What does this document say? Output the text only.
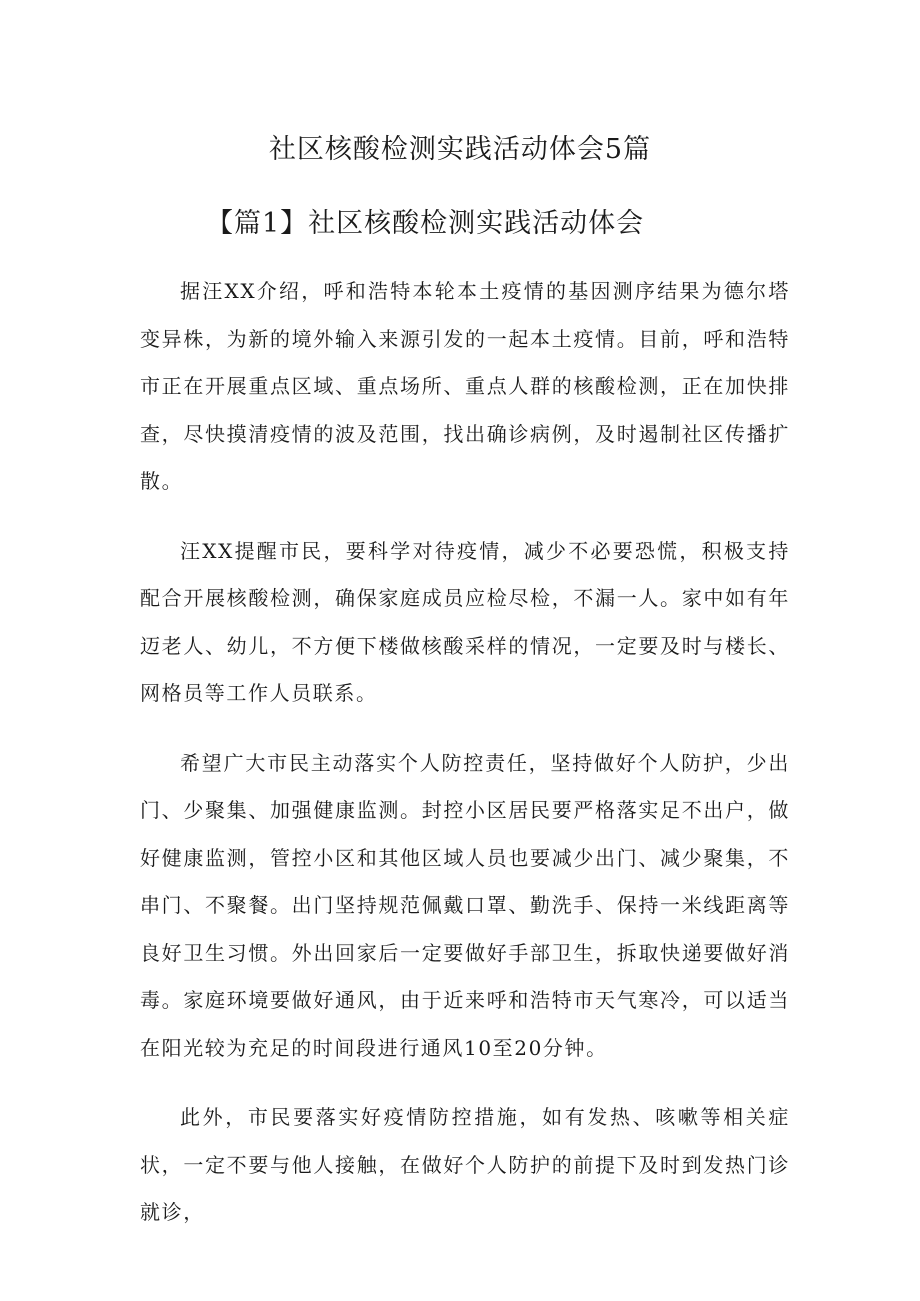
社区核酸检测实践活动体会5篇
【篇1】社区核酸检测实践活动体会

据汪XX介绍，呼和浩特本轮本土疫情的基因测序结果为德尔塔变异株，为新的境外输入来源引发的一起本土疫情。目前，呼和浩特市正在开展重点区域、重点场所、重点人群的核酸检测，正在加快排查，尽快摸清疫情的波及范围，找出确诊病例，及时遏制社区传播扩散。

汪XX提醒市民，要科学对待疫情，减少不必要恐慌，积极支持配合开展核酸检测，确保家庭成员应检尽检，不漏一人。家中如有年迈老人、幼儿，不方便下楼做核酸采样的情况，一定要及时与楼长、网格员等工作人员联系。

希望广大市民主动落实个人防控责任，坚持做好个人防护，少出门、少聚集、加强健康监测。封控小区居民要严格落实足不出户，做好健康监测，管控小区和其他区域人员也要减少出门、减少聚集，不串门、不聚餐。出门坚持规范佩戴口罩、勤洗手、保持一米线距离等良好卫生习惯。外出回家后一定要做好手部卫生，拆取快递要做好消毒。家庭环境要做好通风，由于近来呼和浩特市天气寒冷，可以适当在阳光较为充足的时间段进行通风10至20分钟。

此外，市民要落实好疫情防控措施，如有发热、咳嗽等相关症状，一定不要与他人接触，在做好个人防护的前提下及时到发热门诊就诊，
